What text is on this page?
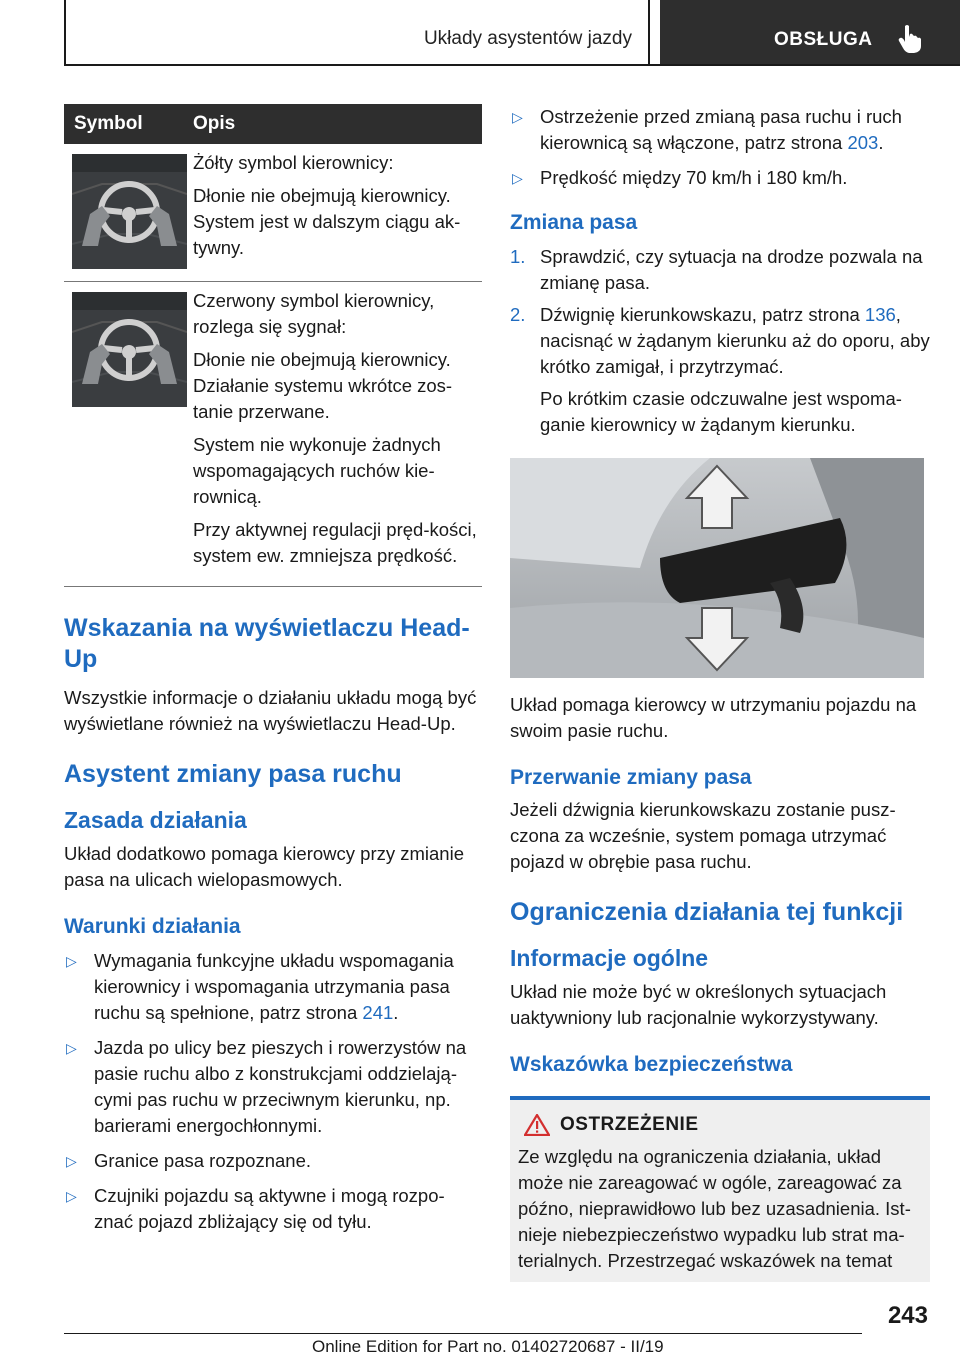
Układy asystentów jazdy	OBSŁUGA
Symbol	Opis

Żółty symbol kierownicy:

Dłonie nie obejmują kierownicy. System jest w dalszym ciągu ak-tywny.

Czerwony symbol kierownicy, rozlega się sygnał:

Dłonie nie obejmują kierownicy. Działanie systemu wkrótce zos-tanie przerwane.

System nie wykonuje żadnych wspomagających ruchów kie-rownicą.

Przy aktywnej regulacji pręd-kości, system ew. zmniejsza prędkość.

Wskazania na wyświetlaczu Head-Up

Wszystkie informacje o działaniu układu mogą być wyświetlane również na wyświetlaczu Head-Up.

Asystent zmiany pasa ruchu
Zasada działania

Układ dodatkowo pomaga kierowcy przy zmianie pasa na ulicach wielopasmowych.

Warunki działania
▷ Wymagania funkcyjne układu wspomagania kierownicy i wspomagania utrzymania pasa ruchu są spełnione, patrz strona 241.
▷ Jazda po ulicy bez pieszych i rowerzystów na pasie ruchu albo z konstrukcjami oddzielają-cymi pas ruchu w przeciwnym kierunku, np. barierami energochłonnymi.
▷ Granice pasa rozpoznane.
▷ Czujniki pojazdu są aktywne i mogą rozpo-znać pojazd zbliżający się od tyłu.
▷ Ostrzeżenie przed zmianą pasa ruchu i ruch kierownicą są włączone, patrz strona 203.
▷ Prędkość między 70 km/h i 180 km/h.
Zmiana pasa
1. Sprawdzić, czy sytuacja na drodze pozwala na zmianę pasa.
2. Dźwignię kierunkowskazu, patrz strona 136, nacisnąć w żądanym kierunku aż do oporu, aby krótko zamigał, i przytrzymać.

Po krótkim czasie odczuwalne jest wspoma-ganie kierownicy w żądanym kierunku.

Układ pomaga kierowcy w utrzymaniu pojazdu na swoim pasie ruchu.

Przerwanie zmiany pasa

Jeżeli dźwignia kierunkowskazu zostanie pusz-czona za wcześnie, system pomaga utrzymać pojazd w obrębie pasa ruchu.

Ograniczenia działania tej funkcji
Informacje ogólne

Układ nie może być w określonych sytuacjach uaktywniony lub racjonalnie wykorzystywany.

Wskazówka bezpieczeństwa
OSTRZEŻENIE

Ze względu na ograniczenia działania, układ może nie zareagować w ogóle, zareagować za późno, nieprawidłowo lub bez uzasadnienia. Ist-nieje niebezpieczeństwo wypadku lub strat ma-terialnych. Przestrzegać wskazówek na temat

243
Online Edition for Part no. 01402720687 - II/19
